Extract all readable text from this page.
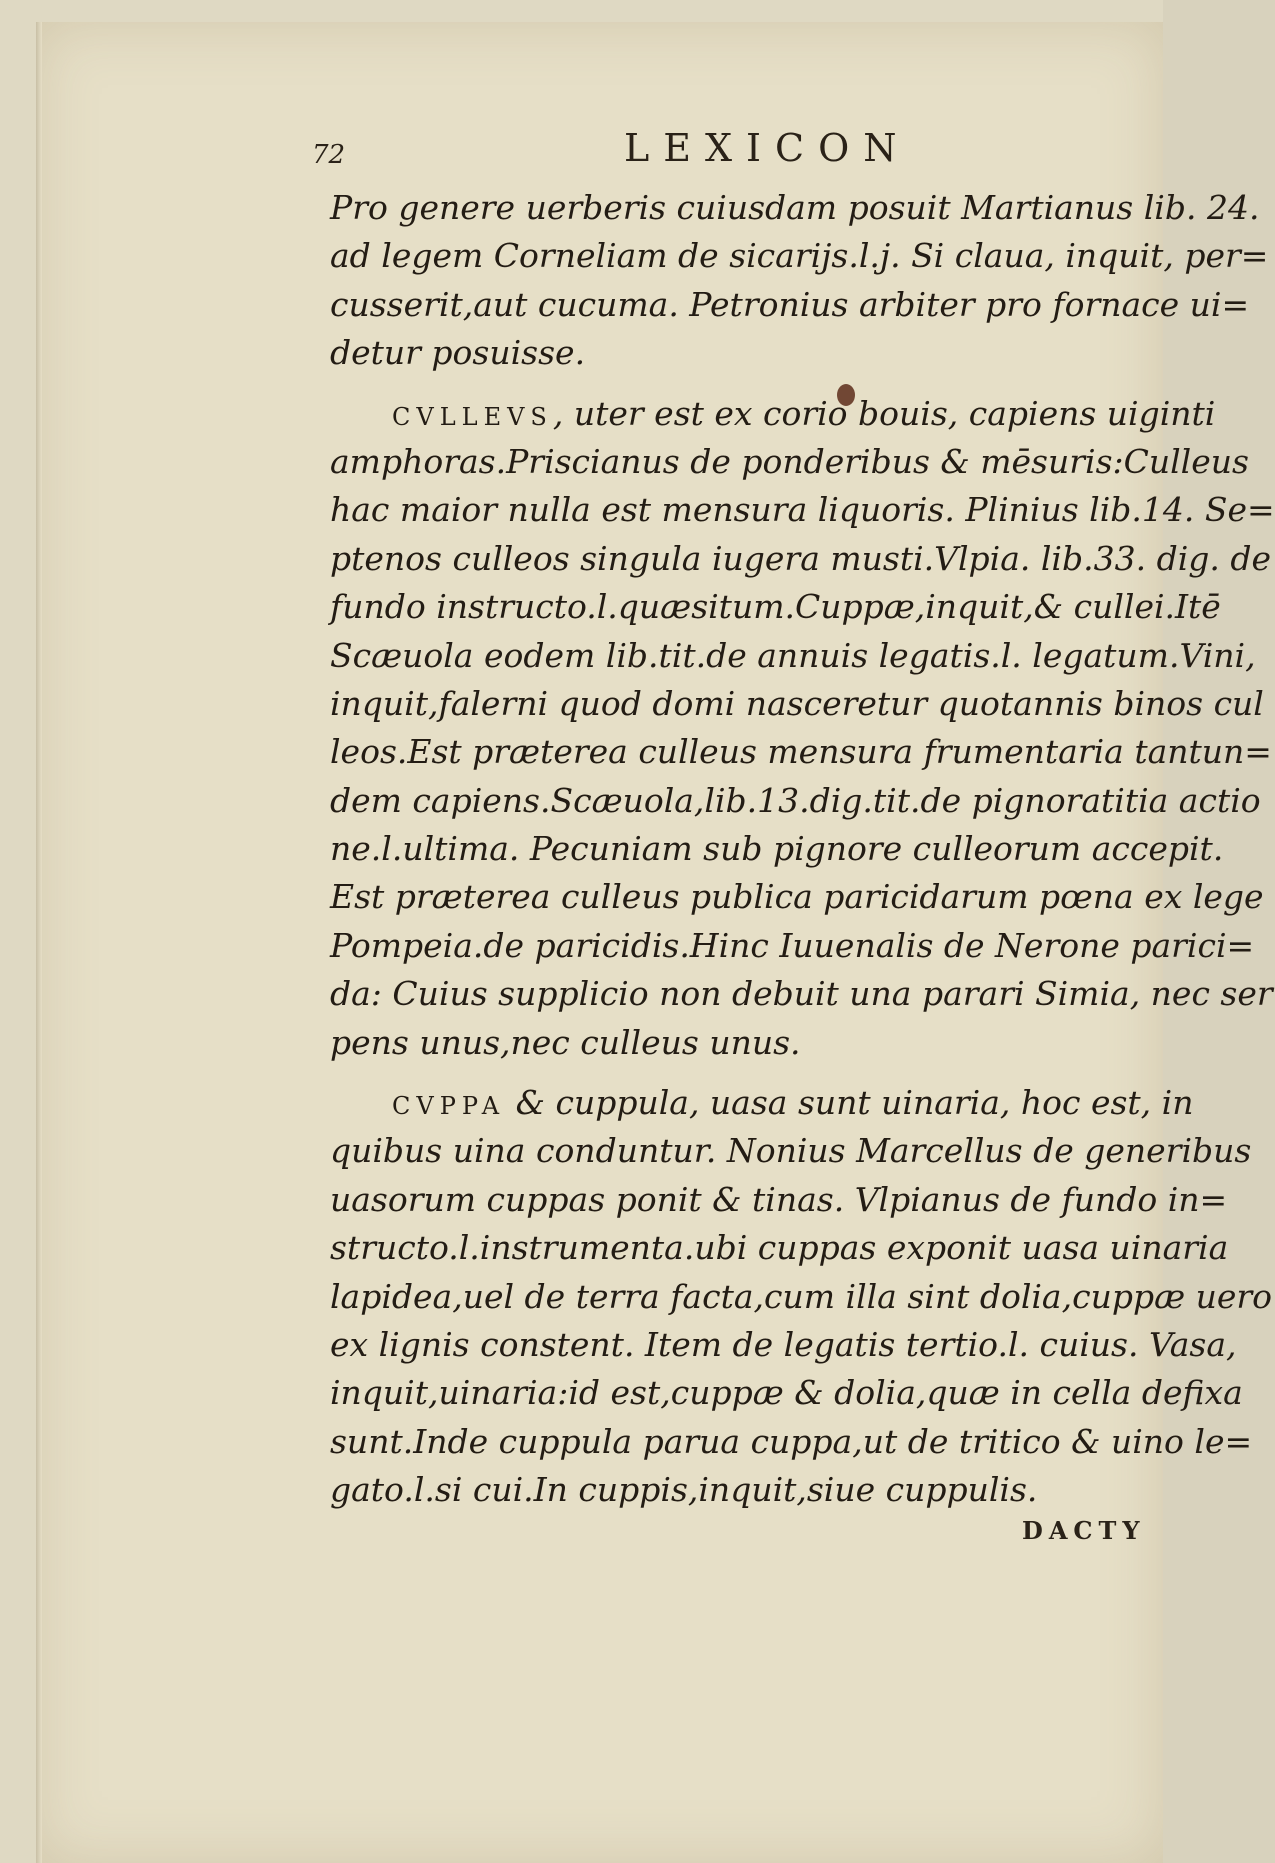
72	LEXICON
Pro genere uerberis cuiusdam posuit Martianus lib. 24.
ad legem Corneliam de sicarijs.l.j. Si claua, inquit, per=
cusserit,aut cucuma. Petronius arbiter pro fornace ui=
detur posuisse.
CVLLEVS, uter est ex corio bouis, capiens uiginti
amphoras.Priscianus de ponderibus & mēsuris:Culleus
hac maior nulla est mensura liquoris. Plinius lib.14. Se=
ptenos culleos singula iugera musti.Vlpia. lib.33. dig. de
fundo instructo.l.quæsitum.Cuppæ,inquit,& cullei.Itē
Scæuola eodem lib.tit.de annuis legatis.l. legatum.Vini,
inquit,falerni quod domi nasceretur quotannis binos cul
leos.Est præterea culleus mensura frumentaria tantun=
dem capiens.Scæuola,lib.13.dig.tit.de pignoratitia actio
ne.l.ultima. Pecuniam sub pignore culleorum accepit.
Est præterea culleus publica paricidarum pœna ex lege
Pompeia.de paricidis.Hinc Iuuenalis de Nerone parici=
da: Cuius supplicio non debuit una parari Simia, nec ser
pens unus,nec culleus unus.
CVPPA & cuppula, uasa sunt uinaria, hoc est, in
quibus uina conduntur. Nonius Marcellus de generibus
uasorum cuppas ponit & tinas. Vlpianus de fundo in=
structo.l.instrumenta.ubi cuppas exponit uasa uinaria
lapidea,uel de terra facta,cum illa sint dolia,cuppæ uero
ex lignis constent. Item de legatis tertio.l. cuius. Vasa,
inquit,uinaria:id est,cuppæ & dolia,quæ in cella defixa
sunt.Inde cuppula parua cuppa,ut de tritico & uino le=
gato.l.si cui.In cuppis,inquit,siue cuppulis.
DACTY
